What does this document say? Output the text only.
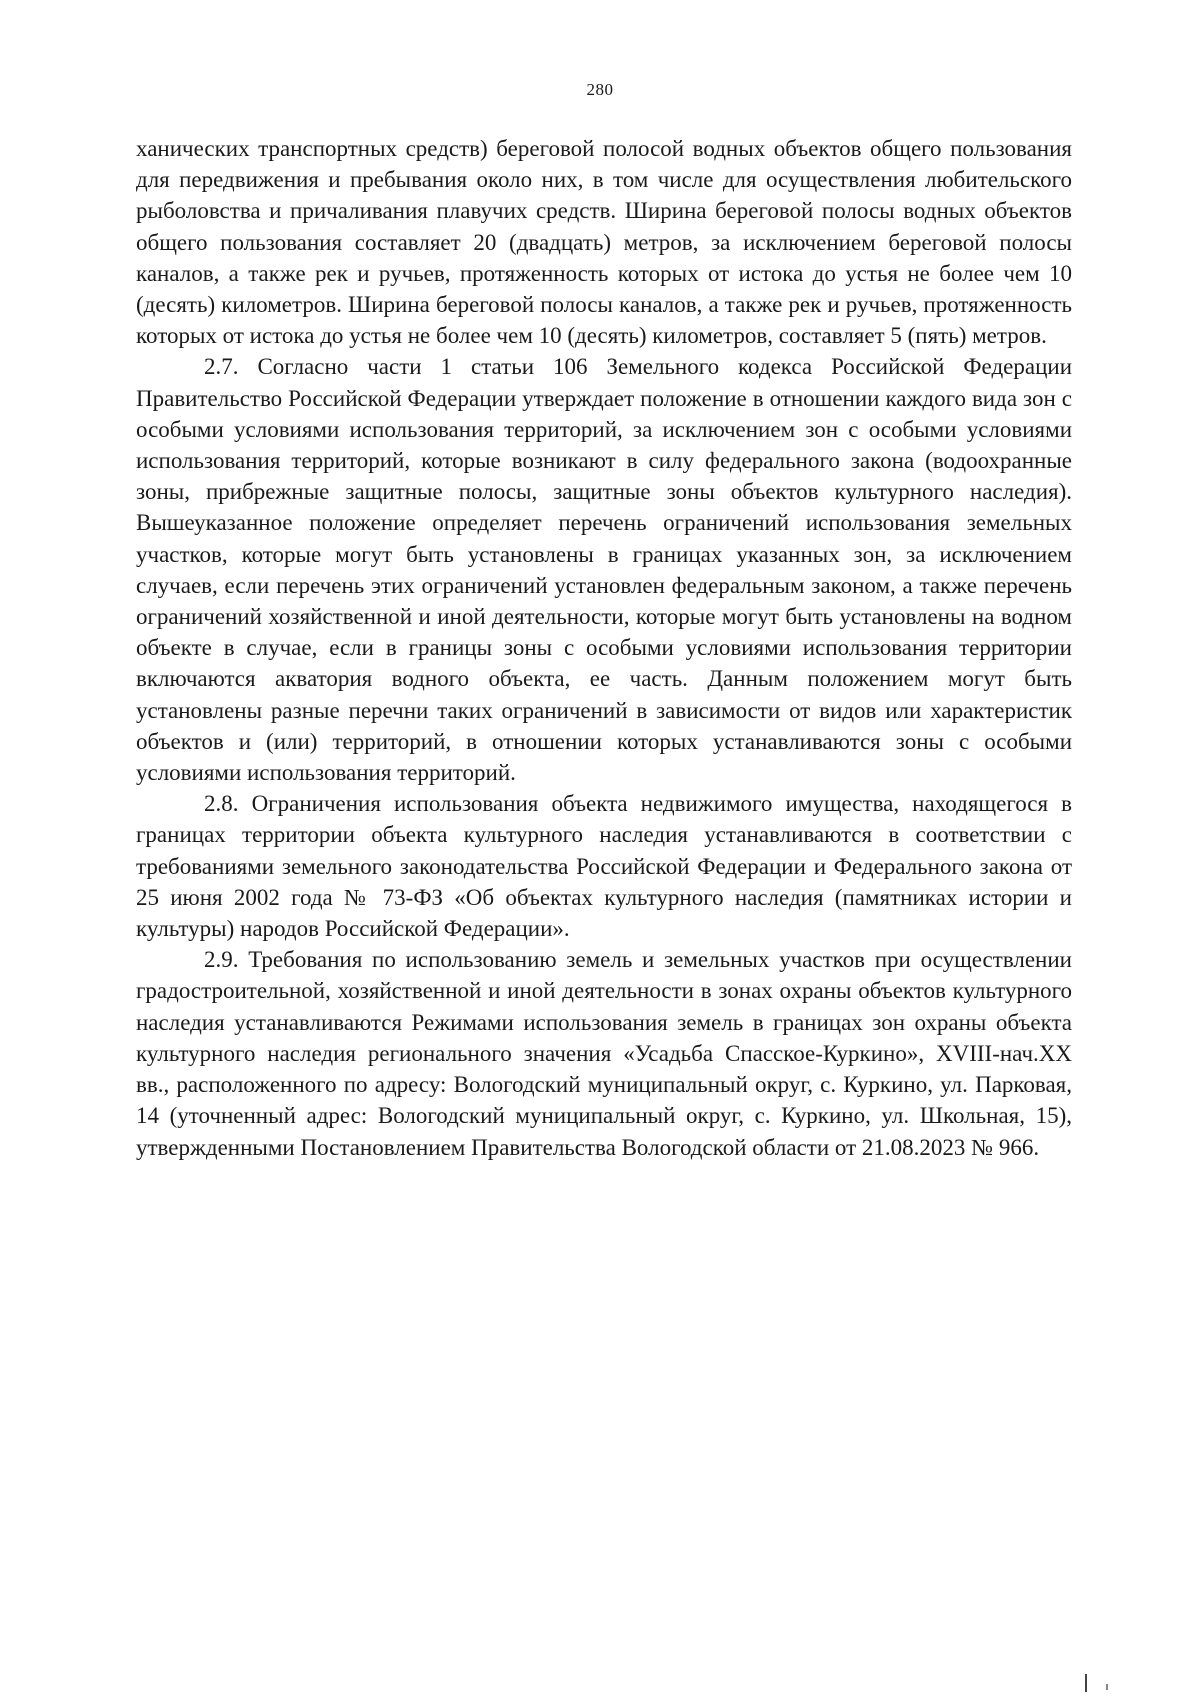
280

ханических транспортных средств) береговой полосой водных объектов общего пользования для передвижения и пребывания около них, в том числе для осуществления любительского рыболовства и причаливания плавучих средств. Ширина береговой полосы водных объектов общего пользования составляет 20 (двадцать) метров, за исключением береговой полосы каналов, а также рек и ручьев, протяженность которых от истока до устья не более чем 10 (десять) километров. Ширина береговой полосы каналов, а также рек и ручьев, протяженность которых от истока до устья не более чем 10 (десять) километров, составляет 5 (пять) метров.

2.7. Согласно части 1 статьи 106 Земельного кодекса Российской Федерации Правительство Российской Федерации утверждает положение в отношении каждого вида зон с особыми условиями использования территорий, за исключением зон с особыми условиями использования территорий, которые возникают в силу федерального закона (водоохранные зоны, прибрежные защитные полосы, защитные зоны объектов культурного наследия). Вышеуказанное положение определяет перечень ограничений использования земельных участков, которые могут быть установлены в границах указанных зон, за исключением случаев, если перечень этих ограничений установлен федеральным законом, а также перечень ограничений хозяйственной и иной деятельности, которые могут быть установлены на водном объекте в случае, если в границы зоны с особыми условиями использования территории включаются акватория водного объекта, ее часть. Данным положением могут быть установлены разные перечни таких ограничений в зависимости от видов или характеристик объектов и (или) территорий, в отношении которых устанавливаются зоны с особыми условиями использования территорий.

2.8. Ограничения использования объекта недвижимого имущества, находящегося в границах территории объекта культурного наследия устанавливаются в соответствии с требованиями земельного законодательства Российской Федерации и Федерального закона от 25 июня 2002 года № 73-ФЗ «Об объектах культурного наследия (памятниках истории и культуры) народов Российской Федерации».

2.9. Требования по использованию земель и земельных участков при осуществлении градостроительной, хозяйственной и иной деятельности в зонах охраны объектов культурного наследия устанавливаются Режимами использования земель в границах зон охраны объекта культурного наследия регионального значения «Усадьба Спасское-Куркино», XVIII-нач.XX вв., расположенного по адресу: Вологодский муниципальный округ, с. Куркино, ул. Парковая, 14 (уточненный адрес: Вологодский муниципальный округ, с. Куркино, ул. Школьная, 15), утвержденными Постановлением Правительства Вологодской области от 21.08.2023 № 966.
